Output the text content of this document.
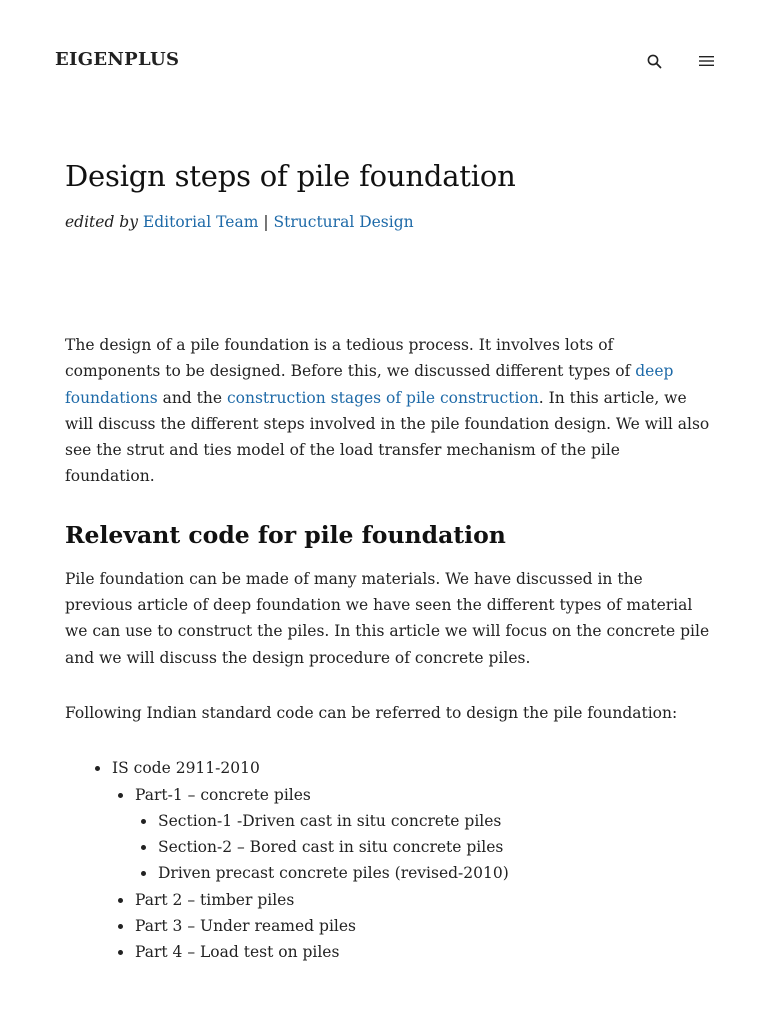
EIGENPLUS
Design steps of pile foundation
edited by Editorial Team | Structural Design

The design of a pile foundation is a tedious process. It involves lots of components to be designed. Before this, we discussed different types of deep foundations and the construction stages of pile construction. In this article, we will discuss the different steps involved in the pile foundation design. We will also see the strut and ties model of the load transfer mechanism of the pile foundation.

Relevant code for pile foundation

Pile foundation can be made of many materials. We have discussed in the previous article of deep foundation we have seen the different types of material we can use to construct the piles. In this article we will focus on the concrete pile and we will discuss the design procedure of concrete piles.

Following Indian standard code can be referred to design the pile foundation:

IS code 2911-2010
Part-1 – concrete piles
Section-1 -Driven cast in situ concrete piles
Section-2 – Bored cast in situ concrete piles
Driven precast concrete piles (revised-2010)
Part 2 – timber piles
Part 3 – Under reamed piles
Part 4 – Load test on piles
